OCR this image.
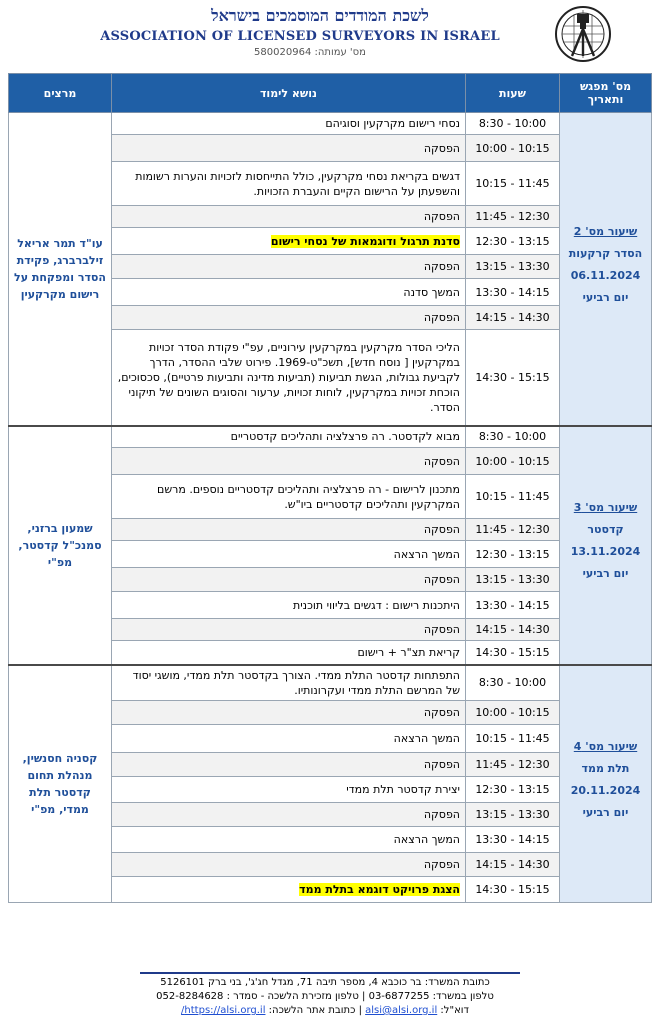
לשכת המודדים המוסמכים בישראל
ASSOCIATION OF LICENSED SURVEYORS IN ISRAEL
מס' עמותה: 580020964
מס' מפגש ותאריך	שעות	נושא לימוד	מרצים

שיעור מס' 2
הסדר קרקעות
06.11.2024
יום רביעי	8:30 - 10:00	נסחי רישום מקרקעין וסוגיהם	עו"ד תמר אריאל זילברברג, פקידת הסדר ומפקחת על רישום מקרקעין
	10:00 - 10:15	הפסקה	
	10:15 - 11:45	דגשים בקריאת נסחי מקרקעין, כולל התייחסות לזכויות והערות רשומות והשפעתן על הרישום הקיים והעברת הזכויות.	
	11:45 - 12:30	הפסקה	
	12:30 - 13:15	סדנת תרגול ודוגמאות של נסחי רישום	
	13:15 - 13:30	הפסקה	
	13:30 - 14:15	המשך סדנה	
	14:15 - 14:30	הפסקה	
	14:30 - 15:15	הליכי הסדר מקרקעין במקרקעין עירוניים, עפ"י פקודת הסדר זכויות במקרקעין [ נוסח חדש], תשכ"ט-1969. פירוט שלבי ההסדר, הדרך לקביעת גבולות, הגשת תביעות (תביעות מדינה ותביעות פרטיים), סכסוכים, הוכחת זכויות במקרקעין, לוחות זכויות, ערעור והסוגים השונים של תיקוני הסדר.	

שיעור מס' 3
קדסטר
13.11.2024
יום רביעי	8:30 - 10:00	מבוא לקדסטר. רה פרצלציה ותהליכים קדסטריים	שמעון ברזני, סמנכ"ל קדסטר, מפ"י
	10:00 - 10:15	הפסקה	
	10:15 - 11:45	מתכנון לרישום - רה פרצלציה ותהליכים קדסטריים נוספים. מרשם המקרקעין ותהליכים קדסטריים ביו"ש.	
	11:45 - 12:30	הפסקה	
	12:30 - 13:15	המשך הרצאה	
	13:15 - 13:30	הפסקה	
	13:30 - 14:15	היתכנות רישום : דגשים בליווי תוכנית	
	14:15 - 14:30	הפסקה	
	14:30 - 15:15	קריאת תצ"ר + רישום	

שיעור מס' 4
תלת ממד
20.11.2024
יום רביעי	8:30 - 10:00	התפתחות קדסטר התלת ממדי. הצורך בקדסטר תלת ממדי, מושגי יסוד של המרשם התלת ממדי ועקרונותיו.	קסניה חסנשין, מנהלת תחום קדסטר תלת ממדי, מפ"י
	10:00 - 10:15	הפסקה	
	10:15 - 11:45	המשך הרצאה	
	11:45 - 12:30	הפסקה	
	12:30 - 13:15	יצירת קדסטר תלת ממדי	
	13:15 - 13:30	הפסקה	
	13:30 - 14:15	המשך הרצאה	
	14:15 - 14:30	הפסקה	
	14:30 - 15:15	הצגת פרויקט דוגמא בתלת ממד	
כתובת המשרד: בר כוכבא 4, מספר תיבה 71, מגדל חג'ג', בני ברק 5126101
טלפון במשרד: 03-6877255 | טלפון מזכירת הלשכה - סמדר : 052-8284628
דוא"ל: alsi@alsi.org.il | כתובת אתר הלשכה: https://alsi.org.il/
